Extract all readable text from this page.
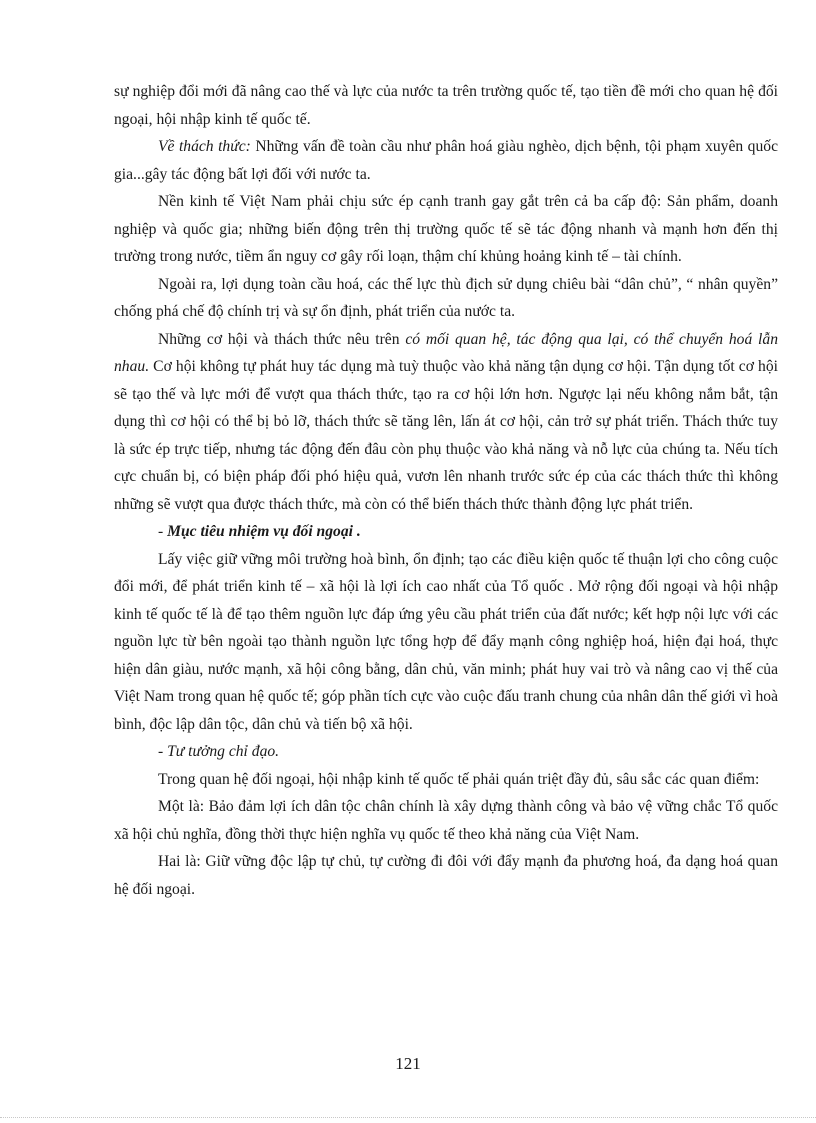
sự nghiệp đổi mới đã nâng cao thế và lực của nước ta trên trường quốc tế, tạo tiền đề mới cho quan hệ đối ngoại, hội nhập kinh tế quốc tế.

Về thách thức: Những vấn đề toàn cầu như phân hoá giàu nghèo, dịch bệnh, tội phạm xuyên quốc gia...gây tác động bất lợi đối với nước ta.

Nền kinh tế Việt Nam phải chịu sức ép cạnh tranh gay gắt trên cả ba cấp độ: Sản phẩm, doanh nghiệp và quốc gia; những biến động trên thị trường quốc tế sẽ tác động nhanh và mạnh hơn đến thị trường trong nước, tiềm ẩn nguy cơ gây rối loạn, thậm chí khủng hoảng kinh tế – tài chính.

Ngoài ra, lợi dụng toàn cầu hoá, các thế lực thù địch sử dụng chiêu bài “dân chủ”, “ nhân quyền” chống phá chế độ chính trị và sự ổn định, phát triển của nước ta.

Những cơ hội và thách thức nêu trên có mối quan hệ, tác động qua lại, có thể chuyển hoá lẫn nhau. Cơ hội không tự phát huy tác dụng mà tuỳ thuộc vào khả năng tận dụng cơ hội. Tận dụng tốt cơ hội sẽ tạo thế và lực mới để vượt qua thách thức, tạo ra cơ hội lớn hơn. Ngược lại nếu không nắm bắt, tận dụng thì cơ hội có thể bị bỏ lỡ, thách thức sẽ tăng lên, lấn át cơ hội, cản trở sự phát triển. Thách thức tuy là sức ép trực tiếp, nhưng tác động đến đâu còn phụ thuộc vào khả năng và nỗ lực của chúng ta. Nếu tích cực chuẩn bị, có biện pháp đối phó hiệu quả, vươn lên nhanh trước sức ép của các thách thức thì không những sẽ vượt qua được thách thức, mà còn có thể biến thách thức thành động lực phát triển.

- Mục tiêu nhiệm vụ đối ngoại .

Lấy việc giữ vững môi trường hoà bình, ổn định; tạo các điều kiện quốc tế thuận lợi cho công cuộc đổi mới, để phát triển kinh tế – xã hội là lợi ích cao nhất của Tổ quốc . Mở rộng đối ngoại và hội nhập kinh tế quốc tế là để tạo thêm nguồn lực đáp ứng yêu cầu phát triển của đất nước; kết hợp nội lực với các nguồn lực từ bên ngoài tạo thành nguồn lực tổng hợp để đẩy mạnh công nghiệp hoá, hiện đại hoá, thực hiện dân giàu, nước mạnh, xã hội công bằng, dân chủ, văn minh; phát huy vai trò và nâng cao vị thế của Việt Nam trong quan hệ quốc tế; góp phần tích cực vào cuộc đấu tranh chung của nhân dân thế giới vì hoà bình, độc lập dân tộc, dân chủ và tiến bộ xã hội.

- Tư tưởng chỉ đạo.

Trong quan hệ đối ngoại, hội nhập kinh tế quốc tế phải quán triệt đầy đủ, sâu sắc các quan điểm:

Một là: Bảo đảm lợi ích dân tộc chân chính là xây dựng thành công và bảo vệ vững chắc Tổ quốc xã hội chủ nghĩa, đồng thời thực hiện nghĩa vụ quốc tế theo khả năng của Việt Nam.

Hai là: Giữ vững độc lập tự chủ, tự cường đi đôi với đẩy mạnh đa phương hoá, đa dạng hoá quan hệ đối ngoại.

121
